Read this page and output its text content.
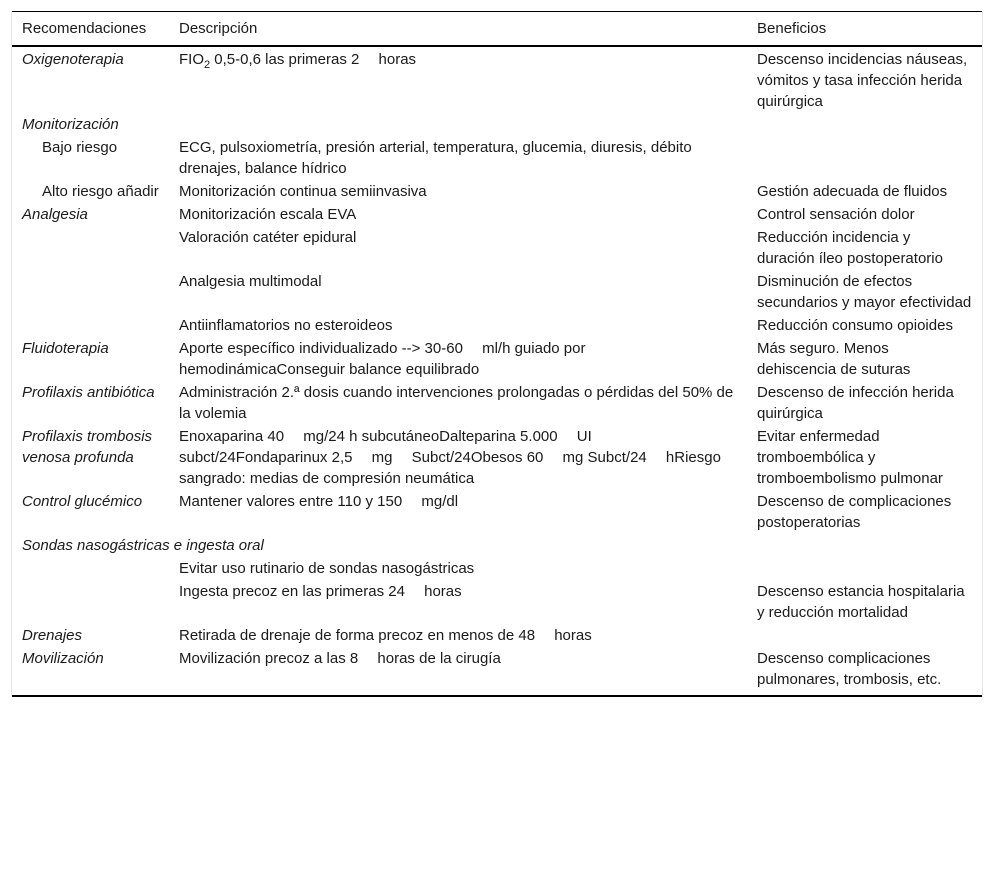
Recomendaciones	Descripción	Beneficios
Oxigenoterapia	$FIO_2$ 0,5-0,6 las primeras 2  horas	Descenso incidencias náuseas, vómitos y tasa infección herida quirúrgica
Monitorización		
Bajo riesgo	ECG, pulsoxiometría, presión arterial, temperatura, glucemia, diuresis, débito drenajes, balance hídrico	
Alto riesgo añadir	Monitorización continua semiinvasiva	Gestión adecuada de fluidos
Analgesia	Monitorización escala EVA	Control sensación dolor
	Valoración catéter epidural	Reducción incidencia y duración íleo postoperatorio
	Analgesia multimodal	Disminución de efectos secundarios y mayor efectividad
	Antiinflamatorios no esteroideos	Reducción consumo opioides
Fluidoterapia	Aporte específico individualizado --> 30-60  ml/h guiado por hemodinámicaConseguir balance equilibrado	Más seguro. Menos dehiscencia de suturas
Profilaxis antibiótica	Administración 2.ª dosis cuando intervenciones prolongadas o pérdidas del 50% de la volemia	Descenso de infección herida quirúrgica
Profilaxis trombosis venosa profunda	Enoxaparina 40  mg/24 h subcutáneoDalteparina 5.000  UI  subct/24Fondaparinux 2,5  mg  Subct/24Obesos 60  mg Subct/24  hRiesgo sangrado: medias de compresión neumática	Evitar enfermedad tromboembólica y tromboembolismo pulmonar
Control glucémico	Mantener valores entre 110 y 150  mg/dl	Descenso de complicaciones postoperatorias
Sondas nasogástricas e ingesta oral		
	Evitar uso rutinario de sondas nasogástricas	
	Ingesta precoz en las primeras 24  horas	Descenso estancia hospitalaria y reducción mortalidad
Drenajes	Retirada de drenaje de forma precoz en menos de 48  horas	
Movilización	Movilización precoz a las 8  horas de la cirugía	Descenso complicaciones pulmonares, trombosis, etc.
